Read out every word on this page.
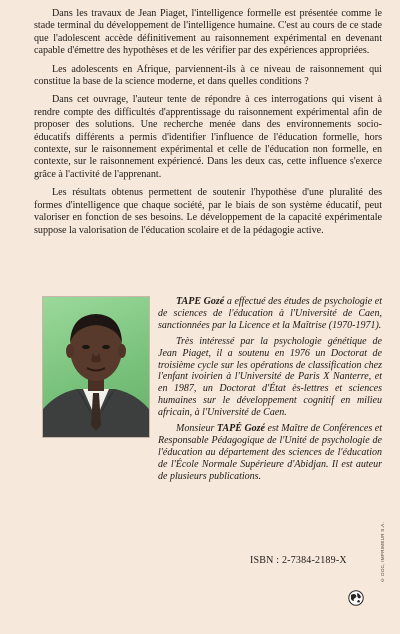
Dans les travaux de Jean Piaget, l'intelligence formelle est présentée comme le stade terminal du développement de l'intelligence humaine. C'est au cours de ce stade que l'adolescent accède définitivement au raisonnement expérimental en devenant capable d'émettre des hypothèses et de les vérifier par des expériences appropriées.

Les adolescents en Afrique, parviennent-ils à ce niveau de raisonnement qui constitue la base de la science moderne, et dans quelles conditions ?

Dans cet ouvrage, l'auteur tente de répondre à ces interrogations qui visent à rendre compte des difficultés d'apprentissage du raisonnement expérimental afin de proposer des solutions. Une recherche menée dans des environnements socio-éducatifs différents a permis d'identifier l'influence de l'éducation formelle, hors contexte, sur le raisonnement expérimental et celle de l'éducation non formelle, en contexte, sur le raisonnement expériencé. Dans les deux cas, cette influence s'exerce grâce à l'activité de l'apprenant.

Les résultats obtenus permettent de soutenir l'hypothèse d'une pluralité des formes d'intelligence que chaque société, par le biais de son système éducatif, peut valoriser en fonction de ses besoins. Le développement de la capacité expérimentale suppose la valorisation de l'éducation scolaire et de la pédagogie active.

TAPE Gozé a effectué des études de psychologie et de sciences de l'éducation à l'Université de Caen, sanctionnées par la Licence et la Maîtrise (1970-1971).

Très intéressé par la psychologie génétique de Jean Piaget, il a soutenu en 1976 un Doctorat de troisième cycle sur les opérations de classification chez l'enfant ivoirien à l'Université de Paris X Nanterre, et en 1987, un Doctorat d'État ès-lettres et sciences humaines sur le développement cognitif en milieu africain, à l'Université de Caen.

Monsieur TAPÉ Gozé est Maître de Conférences et Responsable Pédagogique de l'Unité de psychologie de l'éducation au département des sciences de l'éducation de l'École Normale Supérieure d'Abidjan. Il est auteur de plusieurs publications.

ISBN : 2-7384-2189-X	© DOC, IMPRIMEUR S.A.
